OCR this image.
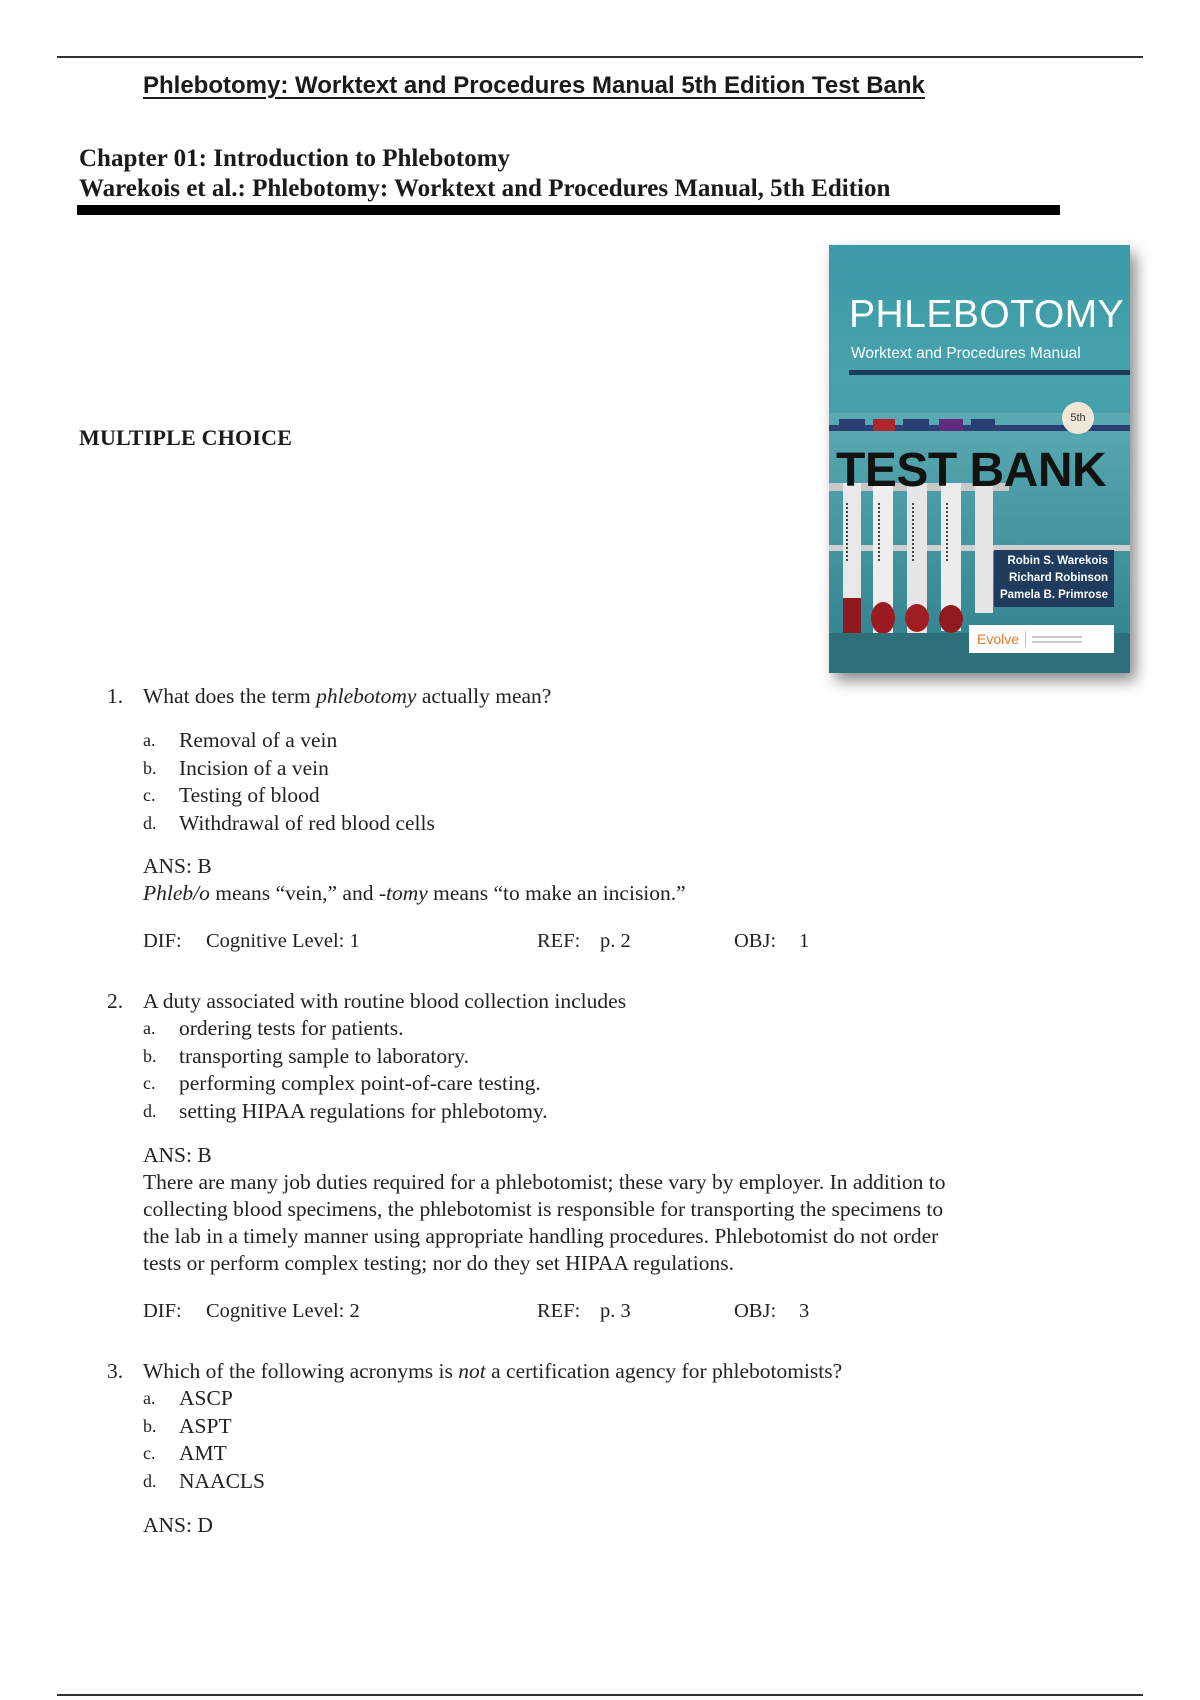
Phlebotomy: Worktext and Procedures Manual 5th Edition Test Bank
Chapter 01: Introduction to Phlebotomy
Warekois et al.: Phlebotomy: Worktext and Procedures Manual, 5th Edition
MULTIPLE CHOICE
PHLEBOTOMY
Worktext and Procedures Manual
5th
TEST BANK
Robin S. Warekois
Richard Robinson
Pamela B. Primrose
Evolve
1. What does the term phlebotomy actually mean?
a. Removal of a vein
b. Incision of a vein
c. Testing of blood
d. Withdrawal of red blood cells
ANS: B
Phleb/o means “vein,” and -tomy means “to make an incision.”
DIF: Cognitive Level: 1	REF: p. 2	OBJ: 1
2. A duty associated with routine blood collection includes
a. ordering tests for patients.
b. transporting sample to laboratory.
c. performing complex point-of-care testing.
d. setting HIPAA regulations for phlebotomy.
ANS: B
There are many job duties required for a phlebotomist; these vary by employer. In addition to
collecting blood specimens, the phlebotomist is responsible for transporting the specimens to
the lab in a timely manner using appropriate handling procedures. Phlebotomist do not order
tests or perform complex testing; nor do they set HIPAA regulations.
DIF: Cognitive Level: 2	REF: p. 3	OBJ: 3
3. Which of the following acronyms is not a certification agency for phlebotomists?
a. ASCP
b. ASPT
c. AMT
d. NAACLS
ANS: D
